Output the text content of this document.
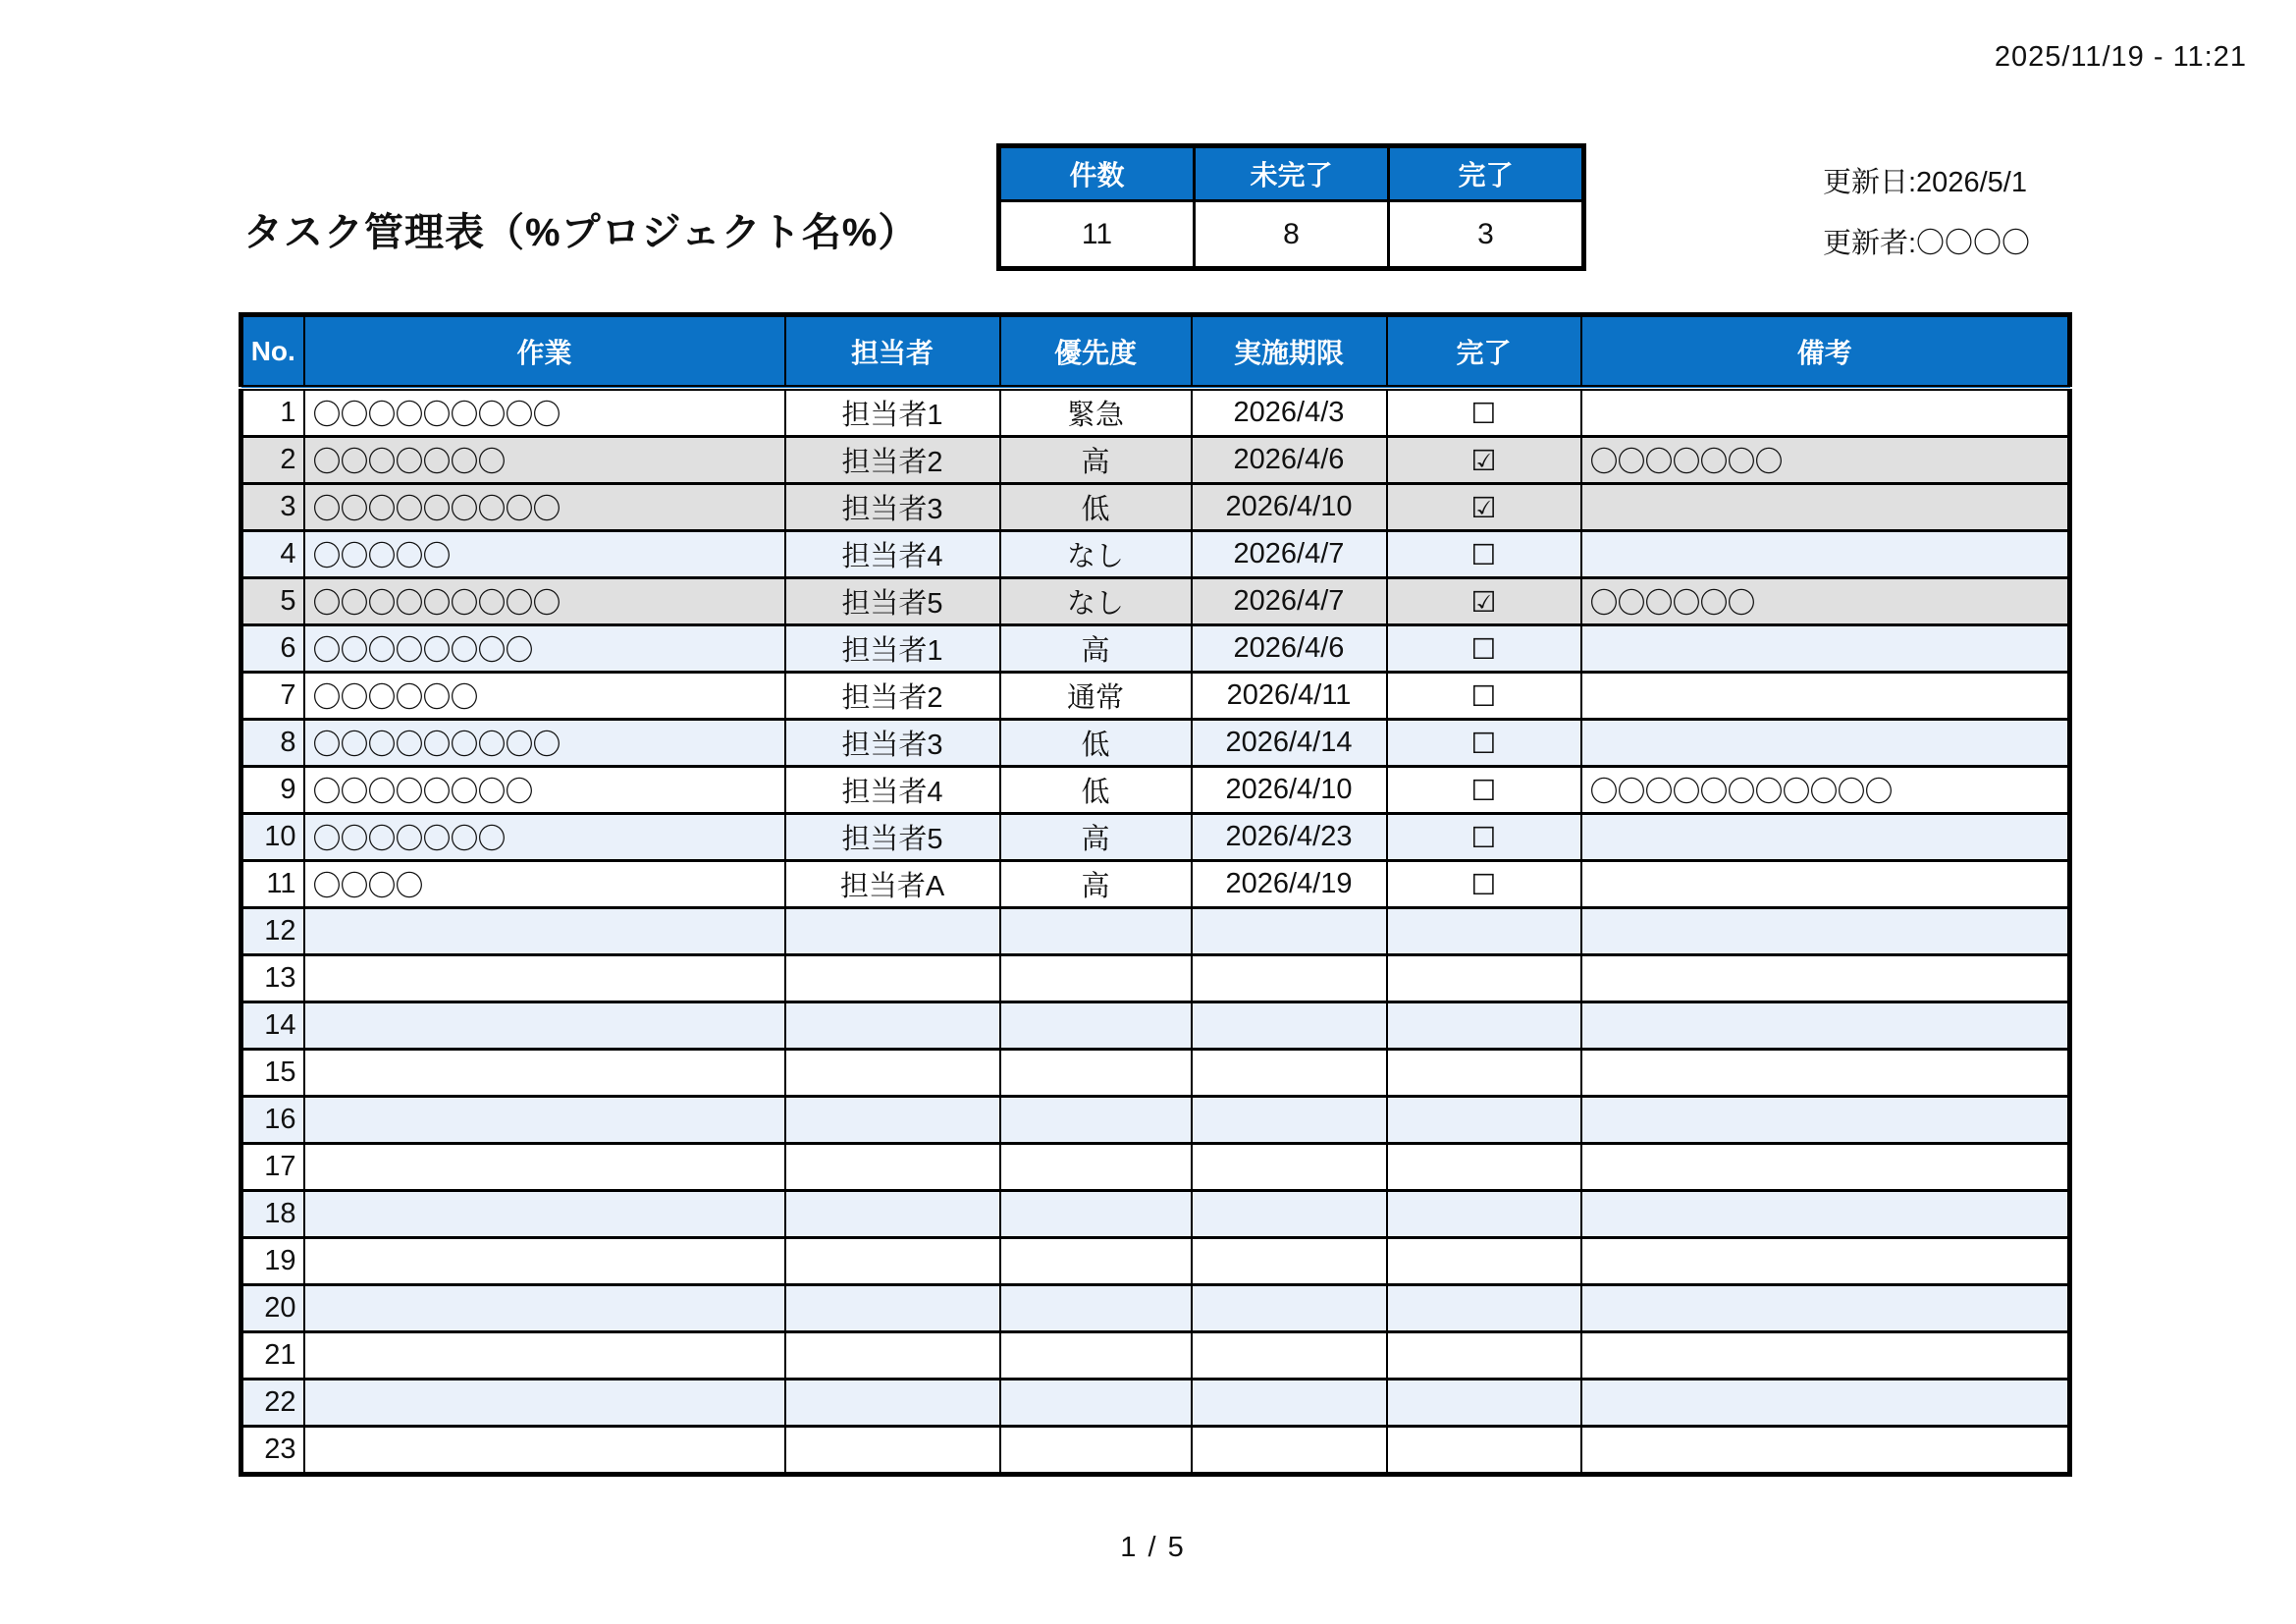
2025/11/19 - 11:21
タスク管理表（%プロジェクト名%）
件数	未完了	完了
11	8	3
更新日:2026/5/1
更新者:〇〇〇〇
No.	作業	担当者	優先度	実施期限	完了	備考
1	〇〇〇〇〇〇〇〇〇	担当者1	緊急	2026/4/3	☐	
2	〇〇〇〇〇〇〇	担当者2	高	2026/4/6	☑	〇〇〇〇〇〇〇
3	〇〇〇〇〇〇〇〇〇	担当者3	低	2026/4/10	☑	
4	〇〇〇〇〇	担当者4	なし	2026/4/7	☐	
5	〇〇〇〇〇〇〇〇〇	担当者5	なし	2026/4/7	☑	〇〇〇〇〇〇
6	〇〇〇〇〇〇〇〇	担当者1	高	2026/4/6	☐	
7	〇〇〇〇〇〇	担当者2	通常	2026/4/11	☐	
8	〇〇〇〇〇〇〇〇〇	担当者3	低	2026/4/14	☐	
9	〇〇〇〇〇〇〇〇	担当者4	低	2026/4/10	☐	〇〇〇〇〇〇〇〇〇〇〇
10	〇〇〇〇〇〇〇	担当者5	高	2026/4/23	☐	
11	〇〇〇〇	担当者A	高	2026/4/19	☐	
12						
13						
14						
15						
16						
17						
18						
19						
20						
21						
22						
23						
1 / 5
